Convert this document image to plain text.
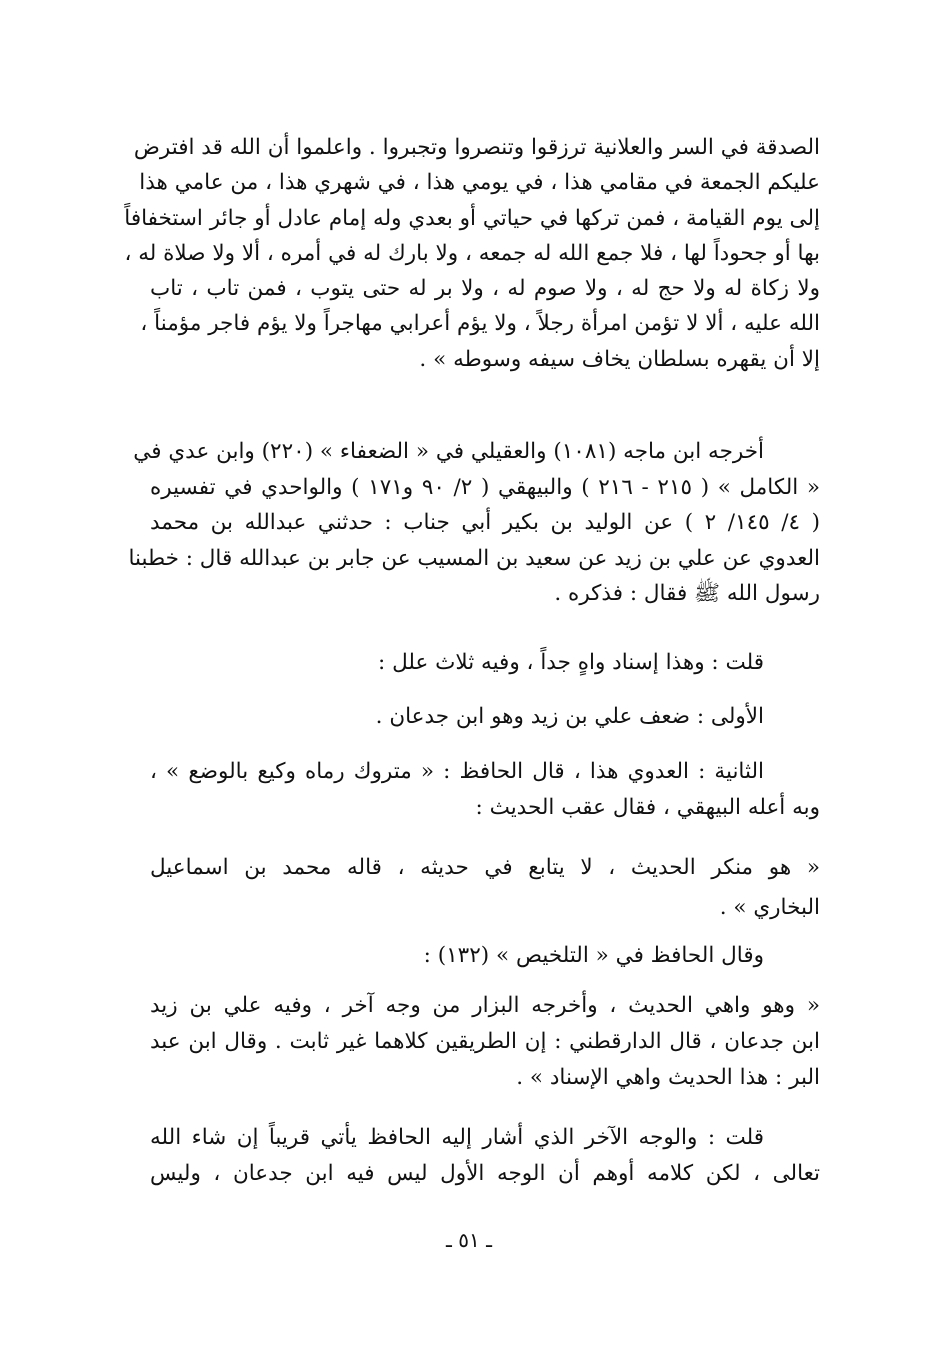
الصدقة في السر والعلانية ترزقوا وتنصروا وتجبروا . واعلموا أن الله قد افترض
عليكم الجمعة في مقامي هذا ، في يومي هذا ، في شهري هذا ، من عامي هذا
إلى يوم القيامة ، فمن تركها في حياتي أو بعدي وله إمام عادل أو جائر استخفافاً
بها أو جحوداً لها ، فلا جمع الله له جمعه ، ولا بارك له في أمره ، ألا ولا صلاة له ،
ولا زكاة له ولا حج له ، ولا صوم له ، ولا بر له حتى يتوب ، فمن تاب ، تاب
الله عليه ، ألا لا تؤمن امرأة رجلاً ، ولا يؤم أعرابي مهاجراً ولا يؤم فاجر مؤمناً ،
إلا أن يقهره بسلطان يخاف سيفه وسوطه » .
أخرجه ابن ماجه (١٠٨١) والعقيلي في « الضعفاء » (٢٢٠) وابن عدي في
« الكامل » ( ٢١٥ - ٢١٦ ) والبيهقي ( ٢/ ٩٠ و١٧١ ) والواحدي في تفسيره
( ٤/ ١٤٥/ ٢ ) عن الوليد بن بكير أبي جناب : حدثني عبدالله بن محمد
العدوي عن علي بن زيد عن سعيد بن المسيب عن جابر بن عبدالله قال : خطبنا
رسول الله ﷺ فقال : فذكره .
قلت : وهذا إسناد واهٍ جداً ، وفيه ثلاث علل :
الأولى : ضعف علي بن زيد وهو ابن جدعان .
الثانية : العدوي هذا ، قال الحافظ : « متروك رماه وكيع بالوضع » ،
وبه أعله البيهقي ، فقال عقب الحديث :
« هو منكر الحديث ، لا يتابع في حديثه ، قاله محمد بن اسماعيل
البخاري » .
وقال الحافظ في « التلخيص » (١٣٢) :
« وهو واهي الحديث ، وأخرجه البزار من وجه آخر ، وفيه علي بن زيد
ابن جدعان ، قال الدارقطني : إن الطريقين كلاهما غير ثابت . وقال ابن عبد
البر : هذا الحديث واهي الإسناد » .
قلت : والوجه الآخر الذي أشار إليه الحافظ يأتي قريباً إن شاء الله
تعالى ، لكن كلامه أوهم أن الوجه الأول ليس فيه ابن جدعان ، وليس
ـ ٥١ ـ
